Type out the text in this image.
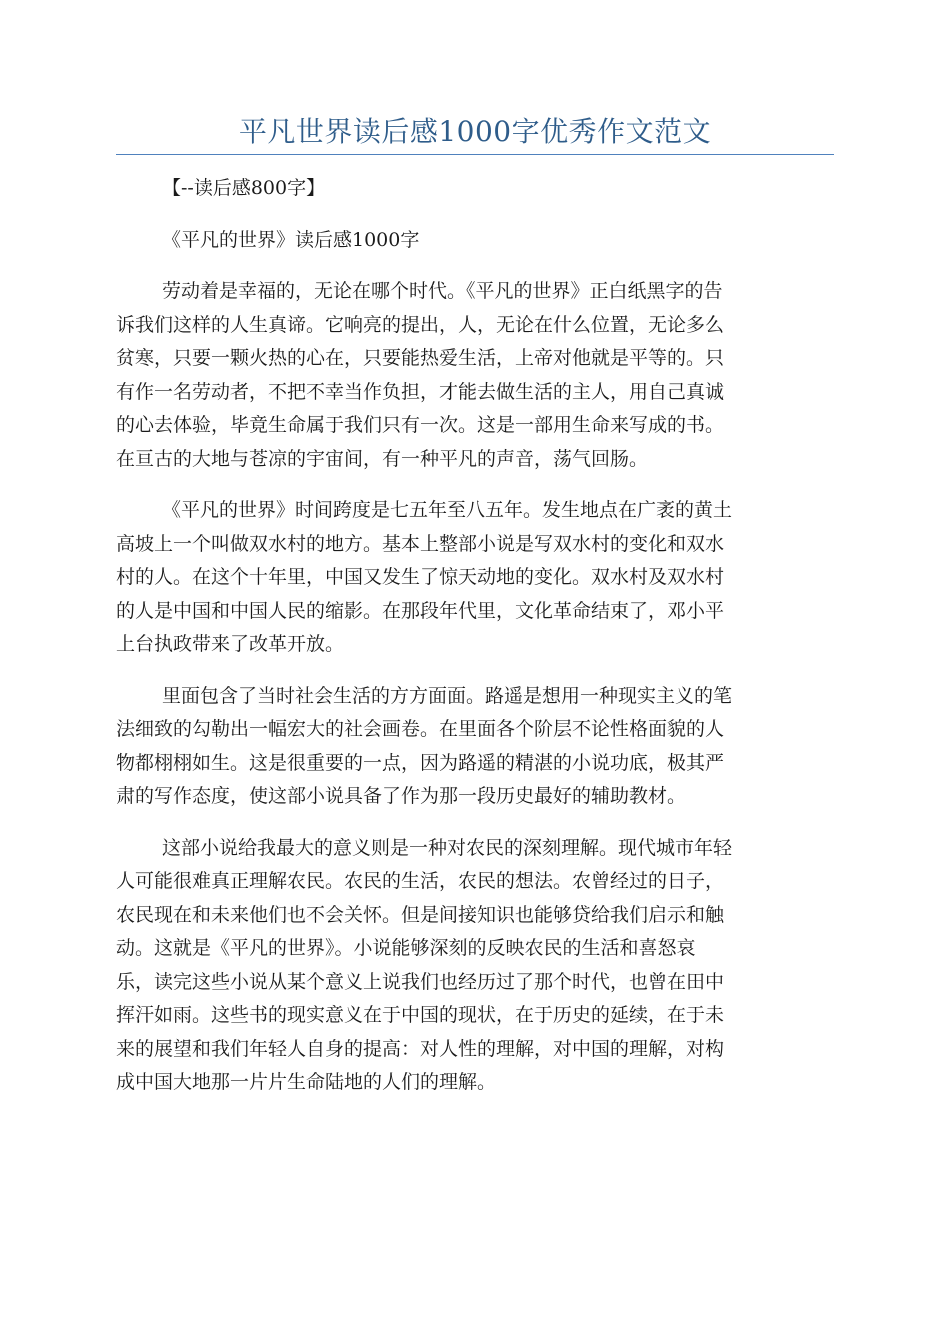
平凡世界读后感1000字优秀作文范文
【--读后感800字】
《平凡的世界》读后感1000字
劳动着是幸福的，无论在哪个时代。《平凡的世界》正白纸黑字的告
诉我们这样的人生真谛。它响亮的提出，人，无论在什么位置，无论多么
贫寒，只要一颗火热的心在，只要能热爱生活，上帝对他就是平等的。只
有作一名劳动者，不把不幸当作负担，才能去做生活的主人，用自己真诚
的心去体验，毕竟生命属于我们只有一次。这是一部用生命来写成的书。
在亘古的大地与苍凉的宇宙间，有一种平凡的声音，荡气回肠。
《平凡的世界》时间跨度是七五年至八五年。发生地点在广袤的黄土
高坡上一个叫做双水村的地方。基本上整部小说是写双水村的变化和双水
村的人。在这个十年里，中国又发生了惊天动地的变化。双水村及双水村
的人是中国和中国人民的缩影。在那段年代里，文化革命结束了，邓小平
上台执政带来了改革开放。
里面包含了当时社会生活的方方面面。路遥是想用一种现实主义的笔
法细致的勾勒出一幅宏大的社会画卷。在里面各个阶层不论性格面貌的人
物都栩栩如生。这是很重要的一点，因为路遥的精湛的小说功底，极其严
肃的写作态度，使这部小说具备了作为那一段历史最好的辅助教材。
这部小说给我最大的意义则是一种对农民的深刻理解。现代城市年轻
人可能很难真正理解农民。农民的生活，农民的想法。农曾经过的日子，
农民现在和未来他们也不会关怀。但是间接知识也能够贷给我们启示和触
动。这就是《平凡的世界》。小说能够深刻的反映农民的生活和喜怒哀
乐，读完这些小说从某个意义上说我们也经历过了那个时代，也曾在田中
挥汗如雨。这些书的现实意义在于中国的现状，在于历史的延续，在于未
来的展望和我们年轻人自身的提高：对人性的理解，对中国的理解，对构
成中国大地那一片片生命陆地的人们的理解。
